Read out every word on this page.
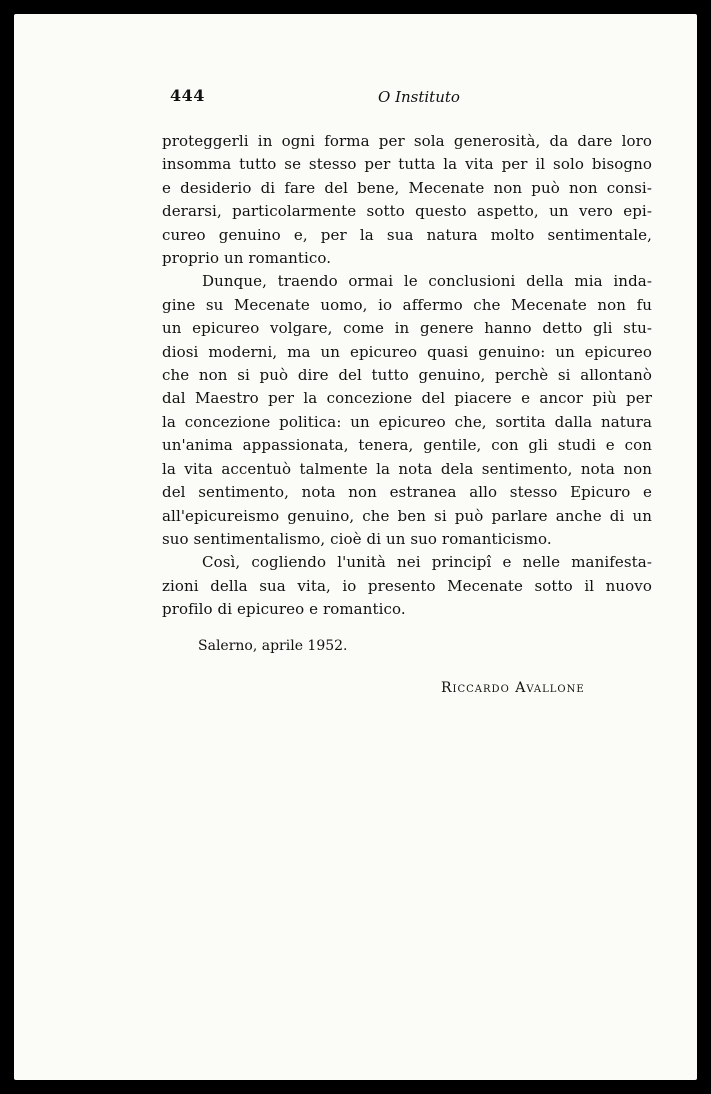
444	O Instituto
proteggerli in ogni forma per sola generosità, da dare loro
insomma tutto se stesso per tutta la vita per il solo bisogno
e desiderio di fare del bene, Mecenate non può non consi-
derarsi, particolarmente sotto questo aspetto, un vero epi-
cureo genuino e, per la sua natura molto sentimentale,
proprio un romantico.
Dunque, traendo ormai le conclusioni della mia inda-
gine su Mecenate uomo, io affermo che Mecenate non fu
un epicureo volgare, come in genere hanno detto gli stu-
diosi moderni, ma un epicureo quasi genuino: un epicureo
che non si può dire del tutto genuino, perchè si allontanò
dal Maestro per la concezione del piacere e ancor più per
la concezione politica: un epicureo che, sortita dalla natura
un'anima appassionata, tenera, gentile, con gli studi e con
la vita accentuò talmente la nota dela sentimento, nota non
del sentimento, nota non estranea allo stesso Epicuro e
all'epicureismo genuino, che ben si può parlare anche di un
suo sentimentalismo, cioè di un suo romanticismo.
Così, cogliendo l'unità nei principî e nelle manifesta-
zioni della sua vita, io presento Mecenate sotto il nuovo
profilo di epicureo e romantico.
Salerno, aprile 1952.
Riccardo Avallone
